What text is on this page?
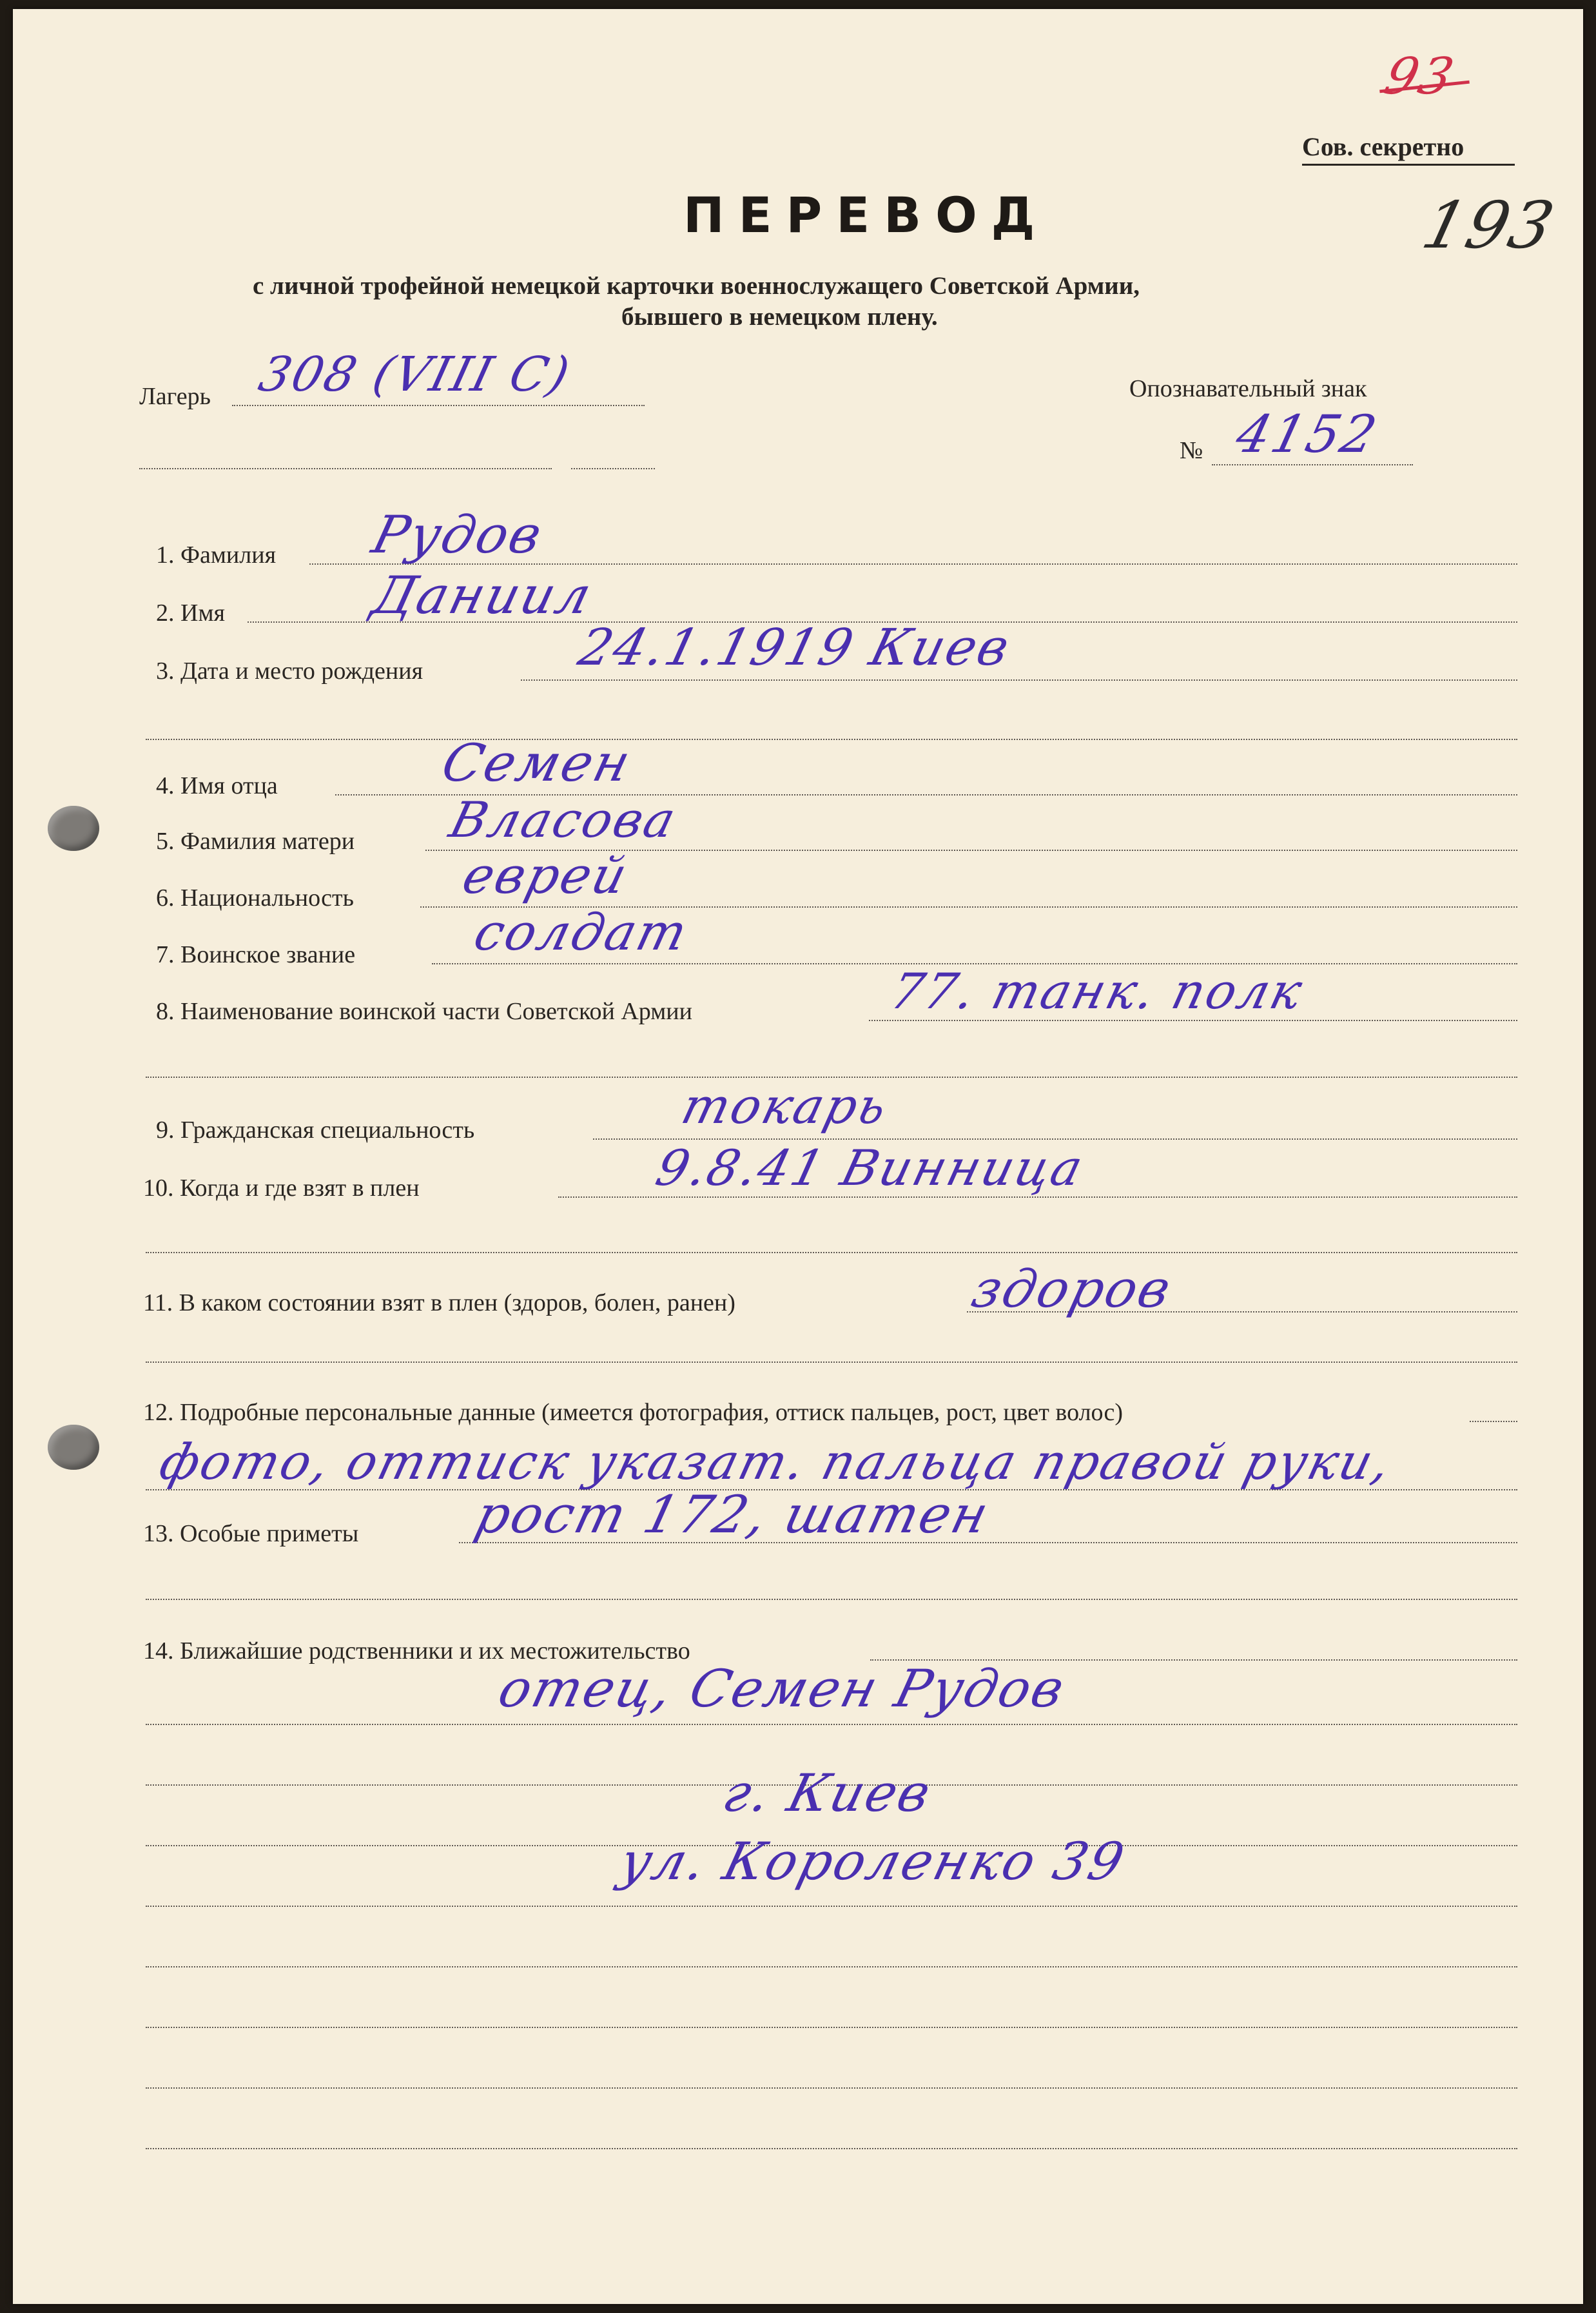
93
Сов. секретно
193
ПЕРЕВОД
с личной трофейной немецкой карточки военнослужащего Советской Армии,
бывшего в немецком плену.
Лагерь 308 (VIII C)	Опознавательный знак
№ 4152
1. Фамилия Рудов
2. Имя	Даниил
3. Дата и место рождения	24.1.1919 Киев
4. Имя отца	Семен
5. Фамилия матери Власова
6. Национальность еврей
7. Воинское звание солдат
8. Наименование воинской части Советской Армии	77. танк. полк
9. Гражданская специальность	токарь
10. Когда и где взят в плен	9.8.41 Винница
11. В каком состоянии взят в плен (здоров, болен, ранен)	здоров
12. Подробные персональные данные (имеется фотография, оттиск пальцев, рост, цвет волос)
фото, оттиск указат. пальца правой руки,
13. Особые приметы рост 172, шатен
14. Ближайшие родственники и их местожительство
отец, Семен Рудов
г. Киев
ул. Короленко 39
